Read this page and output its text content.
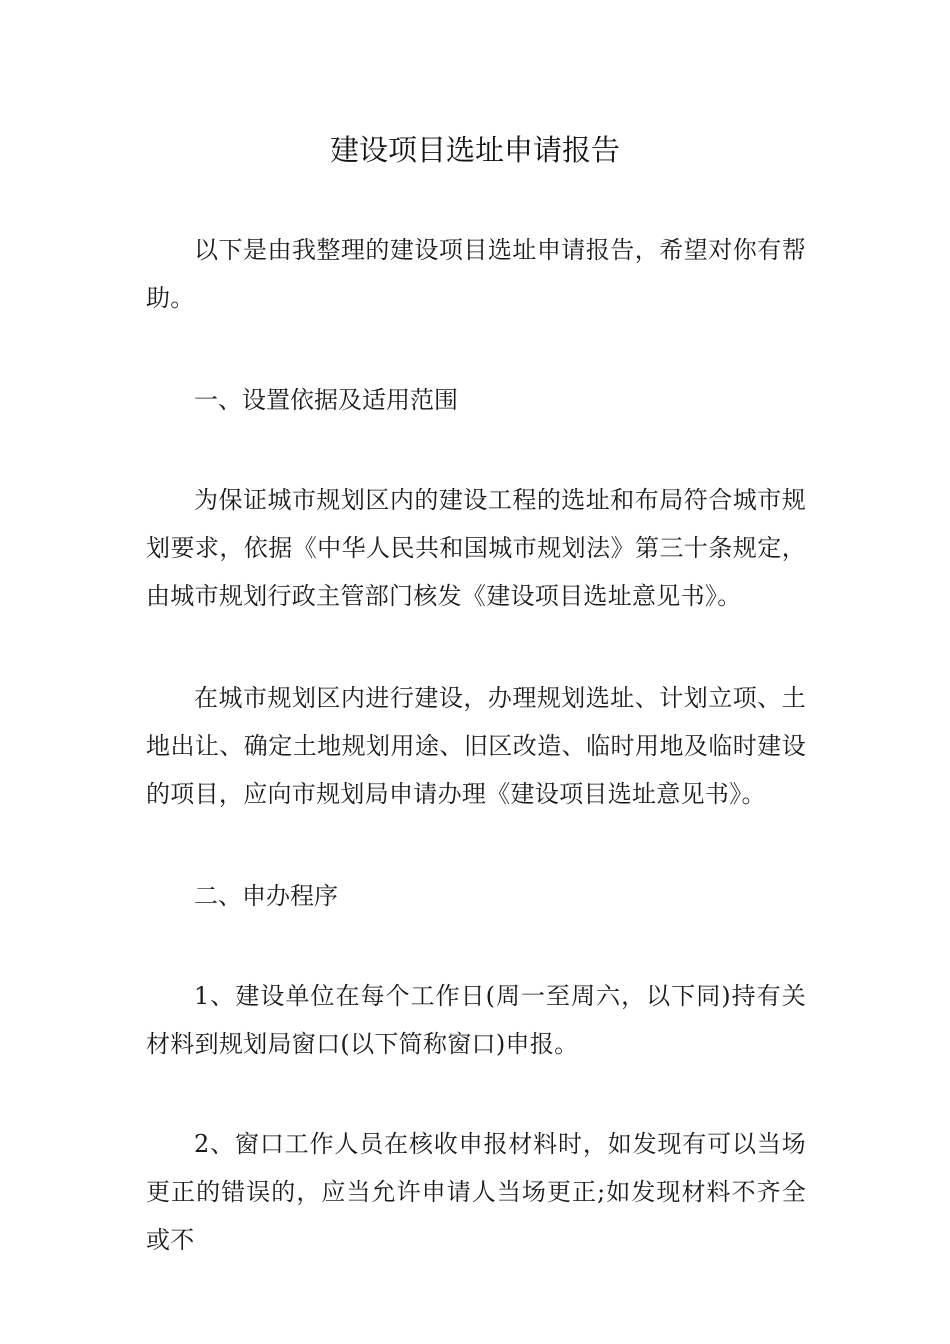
建设项目选址申请报告

以下是由我整理的建设项目选址申请报告，希望对你有帮助。

一、设置依据及适用范围

为保证城市规划区内的建设工程的选址和布局符合城市规划要求，依据《中华人民共和国城市规划法》第三十条规定，由城市规划行政主管部门核发《建设项目选址意见书》。

在城市规划区内进行建设，办理规划选址、计划立项、土地出让、确定土地规划用途、旧区改造、临时用地及临时建设的项目，应向市规划局申请办理《建设项目选址意见书》。

二、申办程序

1、建设单位在每个工作日(周一至周六，以下同)持有关材料到规划局窗口(以下简称窗口)申报。

2、窗口工作人员在核收申报材料时，如发现有可以当场更正的错误的，应当允许申请人当场更正;如发现材料不齐全或不
